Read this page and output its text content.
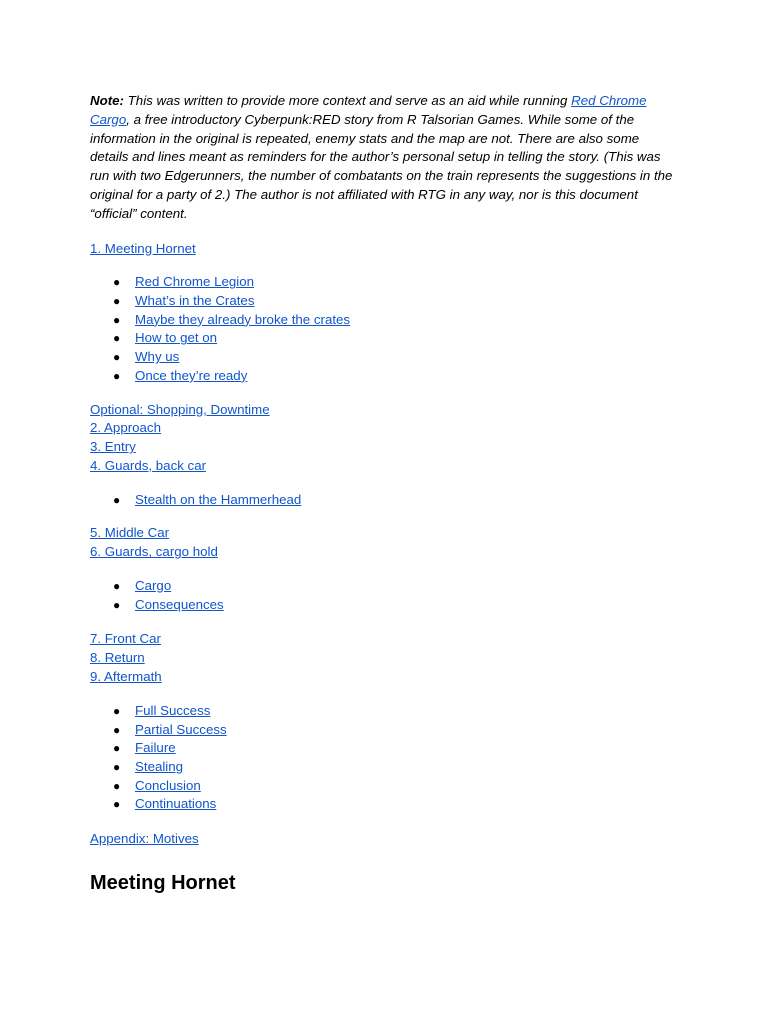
Note: This was written to provide more context and serve as an aid while running Red Chrome Cargo, a free introductory Cyberpunk:RED story from R Talsorian Games. While some of the information in the original is repeated, enemy stats and the map are not. There are also some details and lines meant as reminders for the author’s personal setup in telling the story. (This was run with two Edgerunners, the number of combatants on the train represents the suggestions in the original for a party of 2.) The author is not affiliated with RTG in any way, nor is this document “official” content.

1. Meeting Hornet

● Red Chrome Legion
● What’s in the Crates
● Maybe they already broke the crates
● How to get on
● Why us
● Once they’re ready

Optional: Shopping, Downtime

2. Approach

3. Entry

4. Guards, back car

● Stealth on the Hammerhead

5. Middle Car

6. Guards, cargo hold

● Cargo
● Consequences

7. Front Car

8. Return

9. Aftermath

● Full Success
● Partial Success
● Failure
● Stealing
● Conclusion
● Continuations

Appendix: Motives

Meeting Hornet
